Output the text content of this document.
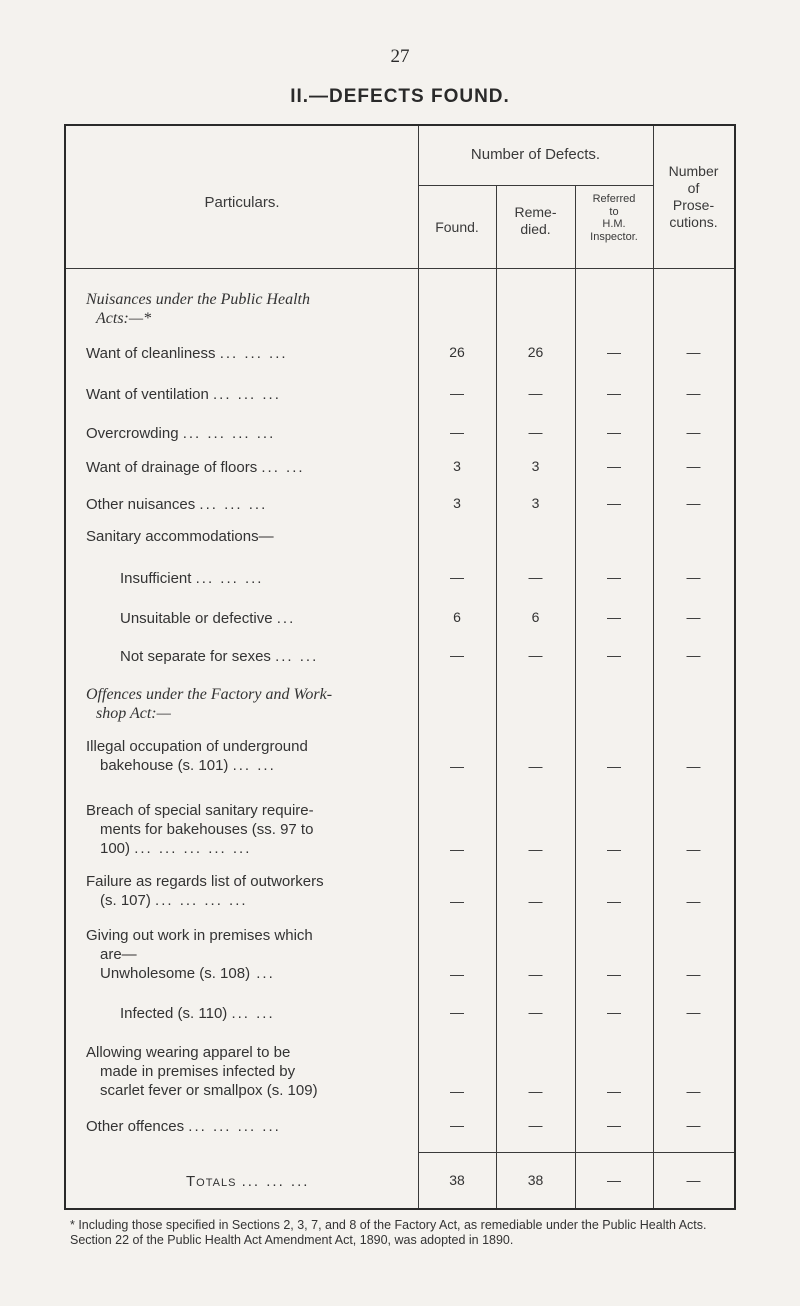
27
II.—DEFECTS FOUND.
Particulars.
Number of Defects.
Found.
Reme-
died.
Referred
to
H.M.
Inspector.
Number
of
Prose-
cutions.
Nuisances under the Public Health
Acts:—*
Sanitary accommodations—
Offences under the Factory and Work-
shop Act:—
Want of cleanliness ... ... ...	26	26	—	—
Want of ventilation ... ... ...	—	—	—	—
Overcrowding ... ... ... ...	—	—	—	—
Want of drainage of floors ... ...	3	3	—	—
Other nuisances ... ... ...	3	3	—	—
Insufficient ... ... ...	—	—	—	—
Unsuitable or defective ...	6	6	—	—
Not separate for sexes ... ...	—	—	—	—
Illegal occupation of underground
bakehouse (s. 101) ... ...	—	—	—	—
Breach of special sanitary require-
ments for bakehouses (ss. 97 to
100) ... ... ... ... ...	—	—	—	—
Failure as regards list of outworkers
(s. 107) ... ... ... ...	—	—	—	—
Giving out work in premises which
are—
Unwholesome (s. 108) ...	—	—	—	—
Infected (s. 110) ... ...	—	—	—	—
Allowing wearing apparel to be
made in premises infected by
scarlet fever or smallpox (s. 109)	—	—	—	—
Other offences ... ... ... ...	—	—	—	—
Totals ... ... ...	38	38	—	—
* Including those specified in Sections 2, 3, 7, and 8 of the Factory Act, as remediable under the Public Health Acts. Section 22 of the Public Health Act Amendment Act, 1890, was adopted in 1890.
